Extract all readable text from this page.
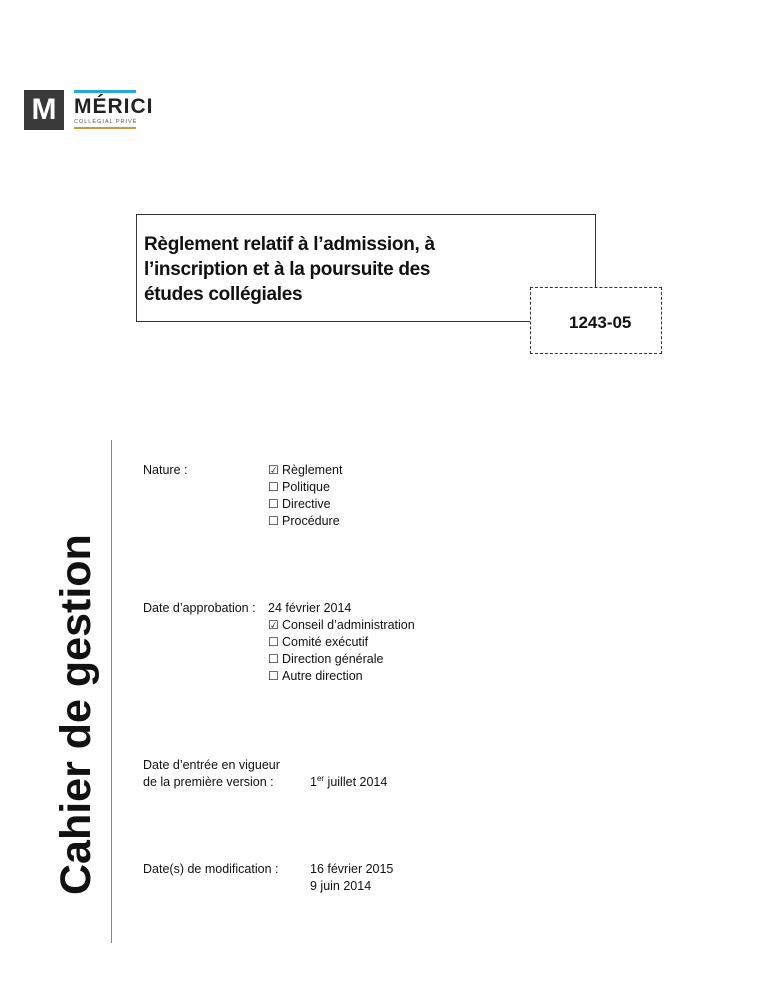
M MÉRICI
COLLÉGIAL PRIVÉ
Règlement relatif à l’admission, à l’inscription et à la poursuite des études collégiales
1243-05
Cahier de gestion
Nature :	☑ Règlement
☐ Politique
☐ Directive
☐ Procédure
Date d’approbation : 24 février 2014
☑ Conseil d’administration
☐ Comité exécutif
☐ Direction générale
☐ Autre direction
Date d’entrée en vigueur
de la première version :	1er juillet 2014
Date(s) de modification :	16 février 2015
9 juin 2014
